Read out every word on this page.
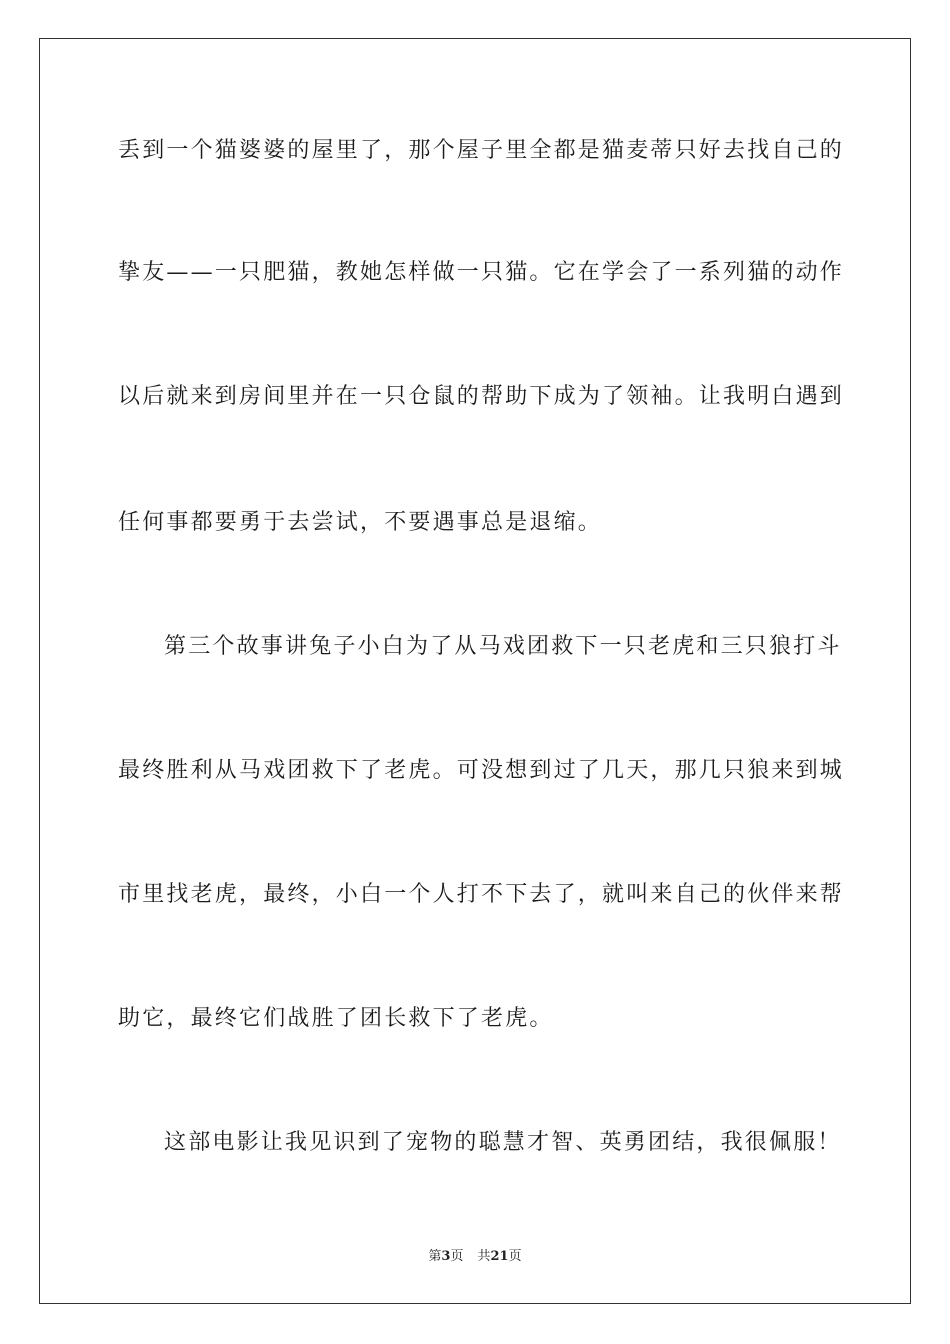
丢到一个猫婆婆的屋里了，那个屋子里全都是猫麦蒂只好去找自己的
挚友——一只肥猫，教她怎样做一只猫。它在学会了一系列猫的动作
以后就来到房间里并在一只仓鼠的帮助下成为了领袖。让我明白遇到
任何事都要勇于去尝试，不要遇事总是退缩。
第三个故事讲兔子小白为了从马戏团救下一只老虎和三只狼打斗
最终胜利从马戏团救下了老虎。可没想到过了几天，那几只狼来到城
市里找老虎，最终，小白一个人打不下去了，就叫来自己的伙伴来帮
助它，最终它们战胜了团长救下了老虎。
这部电影让我见识到了宠物的聪慧才智、英勇团结，我很佩服！
第3页 共21页
